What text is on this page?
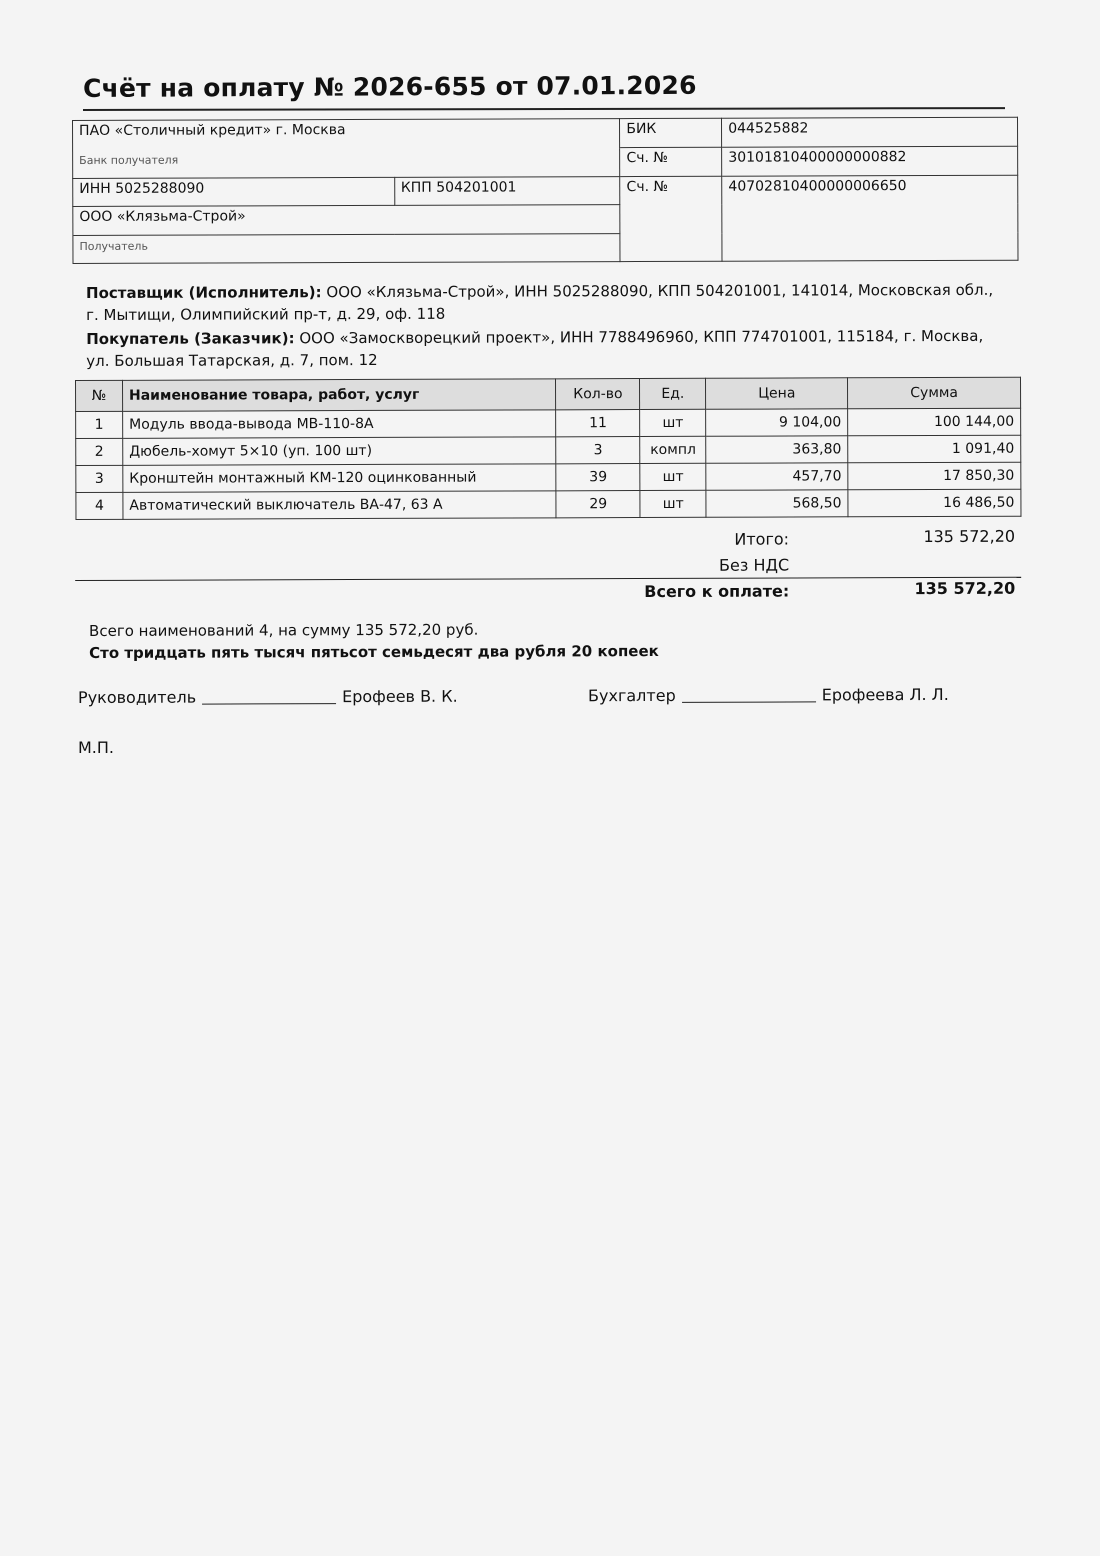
Счёт на оплату № 2026-655 от 07.01.2026
ПАО «Столичный кредит» г. Москва		БИК	044525882
Банк получателя		Сч. №	30101810400000000882
ИНН 5025288090	КПП 504201001	Сч. №	40702810400000006650
ООО «Клязьма-Строй»			
Получатель			

Поставщик (Исполнитель): ООО «Клязьма-Строй», ИНН 5025288090, КПП 504201001, 141014, Московская обл., г. Мытищи, Олимпийский пр-т, д. 29, оф. 118

Покупатель (Заказчик): ООО «Замоскворецкий проект», ИНН 7788496960, КПП 774701001, 115184, г. Москва, ул. Большая Татарская, д. 7, пом. 12

№	Наименование товара, работ, услуг	Кол-во	Ед.	Цена	Сумма
1	Модуль ввода-вывода МВ-110-8А	11	шт	9 104,00	100 144,00
2	Дюбель-хомут 5×10 (уп. 100 шт)	3	компл	363,80	1 091,40
3	Кронштейн монтажный КМ-120 оцинкованный	39	шт	457,70	17 850,30
4	Автоматический выключатель ВА-47, 63 А	29	шт	568,50	16 486,50
Итого:	135 572,20
Без НДС
Всего к оплате:	135 572,20
Всего наименований 4, на сумму 135 572,20 руб.
Сто тридцать пять тысяч пятьсот семьдесят два рубля 20 копеек
Руководитель	Ерофеев В. К.	Бухгалтер	Ерофеева Л. Л.
М.П.
